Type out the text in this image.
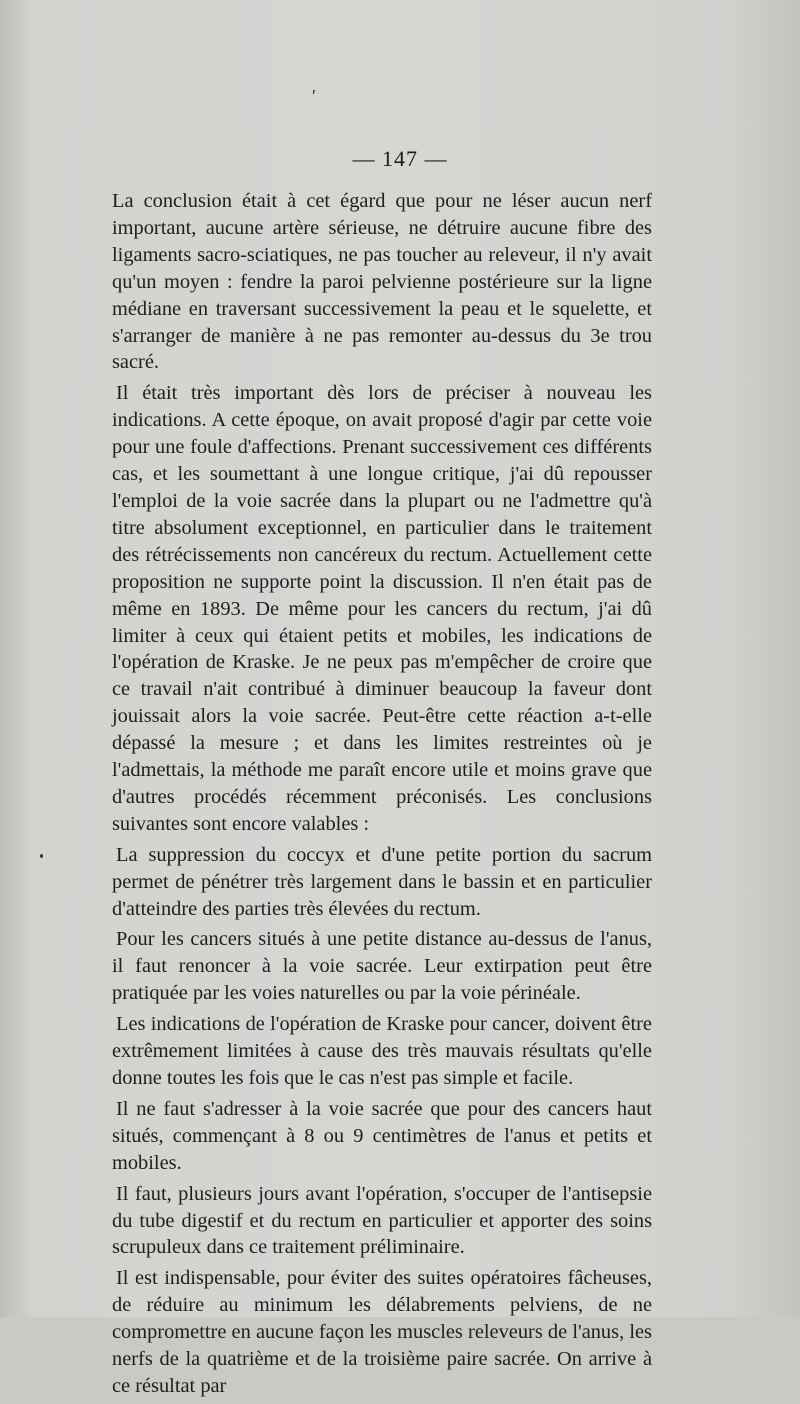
′
— 147 —

La conclusion était à cet égard que pour ne léser aucun nerf important, aucune artère sérieuse, ne détruire aucune fibre des ligaments sacro-sciatiques, ne pas toucher au releveur, il n'y avait qu'un moyen : fendre la paroi pelvienne postérieure sur la ligne médiane en traversant successivement la peau et le squelette, et s'arranger de manière à ne pas remonter au-dessus du 3e trou sacré.

Il était très important dès lors de préciser à nouveau les indications. A cette époque, on avait proposé d'agir par cette voie pour une foule d'affections. Prenant successivement ces différents cas, et les soumettant à une longue critique, j'ai dû repousser l'emploi de la voie sacrée dans la plupart ou ne l'admettre qu'à titre absolument exceptionnel, en particulier dans le traitement des rétrécissements non cancéreux du rectum. Actuellement cette proposition ne supporte point la discussion. Il n'en était pas de même en 1893. De même pour les cancers du rectum, j'ai dû limiter à ceux qui étaient petits et mobiles, les indications de l'opération de Kraske. Je ne peux pas m'empêcher de croire que ce travail n'ait contribué à diminuer beaucoup la faveur dont jouissait alors la voie sacrée. Peut-être cette réaction a-t-elle dépassé la mesure ; et dans les limites restreintes où je l'admettais, la méthode me paraît encore utile et moins grave que d'autres procédés récemment préconisés. Les conclusions suivantes sont encore valables :

La suppression du coccyx et d'une petite portion du sacrum permet de pénétrer très largement dans le bassin et en particulier d'atteindre des parties très élevées du rectum.

Pour les cancers situés à une petite distance au-dessus de l'anus, il faut renoncer à la voie sacrée. Leur extirpation peut être pratiquée par les voies naturelles ou par la voie périnéale.

Les indications de l'opération de Kraske pour cancer, doivent être extrêmement limitées à cause des très mauvais résultats qu'elle donne toutes les fois que le cas n'est pas simple et facile.

Il ne faut s'adresser à la voie sacrée que pour des cancers haut situés, commençant à 8 ou 9 centimètres de l'anus et petits et mobiles.

Il faut, plusieurs jours avant l'opération, s'occuper de l'antisepsie du tube digestif et du rectum en particulier et apporter des soins scrupuleux dans ce traitement préliminaire.

Il est indispensable, pour éviter des suites opératoires fâcheuses, de réduire au minimum les délabrements pelviens, de ne compromettre en aucune façon les muscles releveurs de l'anus, les nerfs de la quatrième et de la troisième paire sacrée. On arrive à ce résultat par
